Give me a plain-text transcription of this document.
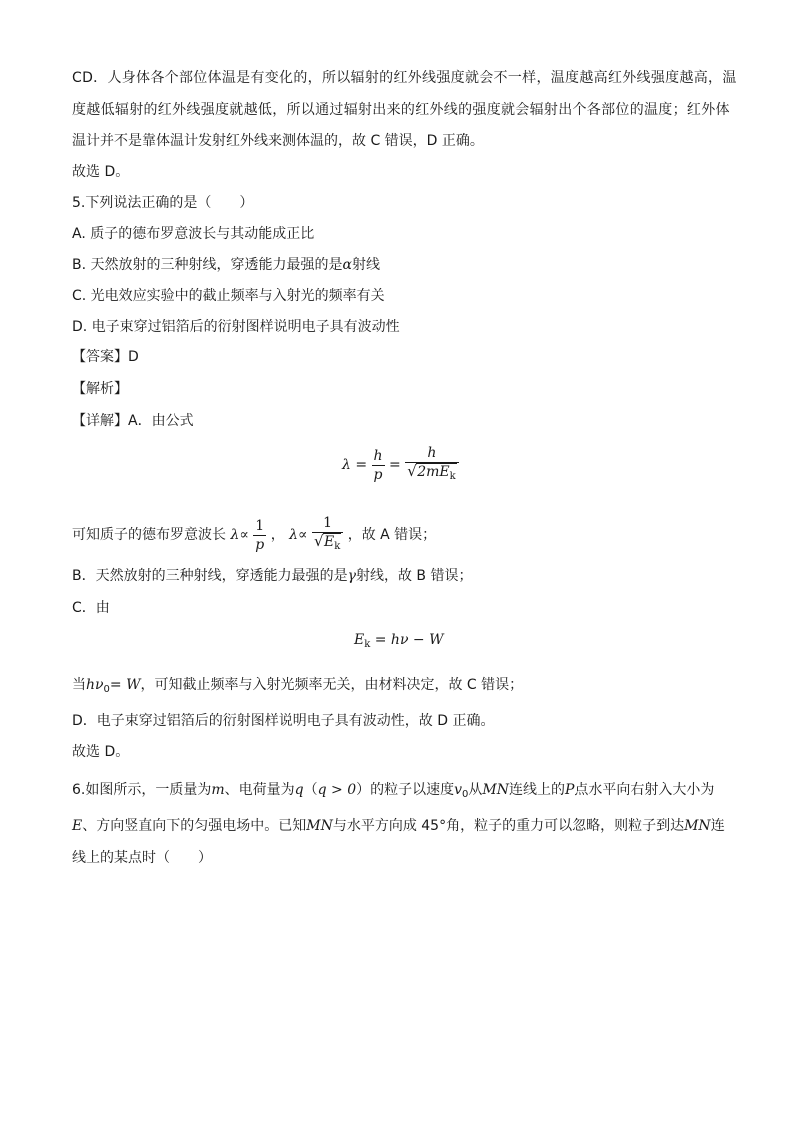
CD．人身体各个部位体温是有变化的，所以辐射的红外线强度就会不一样，温度越高红外线强度越高，温
度越低辐射的红外线强度就越低，所以通过辐射出来的红外线的强度就会辐射出个各部位的温度；红外体
温计并不是靠体温计发射红外线来测体温的，故 C 错误，D 正确。
故选 D。
5.下列说法正确的是（　　）
A. 质子的德布罗意波长与其动能成正比
B. 天然放射的三种射线，穿透能力最强的是α射线
C. 光电效应实验中的截止频率与入射光的频率有关
D. 电子束穿过铝箔后的衍射图样说明电子具有波动性
【答案】D
【解析】
【详解】A．由公式
$\lambda = \frac{h}{p} = \frac{h}{√ 2mE_k}$
可知质子的德布罗意波长 $\lambda\propto \frac{1}{p}$ ， $\lambda\propto \frac{1}{√ E_k}$ ，故 A 错误；
B．天然放射的三种射线，穿透能力最强的是γ射线，故 B 错误；
C．由
$E_k = h\nu - W$
当$h\nu_0= W$，可知截止频率与入射光频率无关，由材料决定，故 C 错误；
D．电子束穿过铝箔后的衍射图样说明电子具有波动性，故 D 正确。
故选 D。
6.如图所示，一质量为m、电荷量为q（q > 0）的粒子以速度$v_0$从MN连线上的P点水平向右射入大小为
E、方向竖直向下的匀强电场中。已知MN与水平方向成 45°角，粒子的重力可以忽略，则粒子到达MN连
线上的某点时（　　）
